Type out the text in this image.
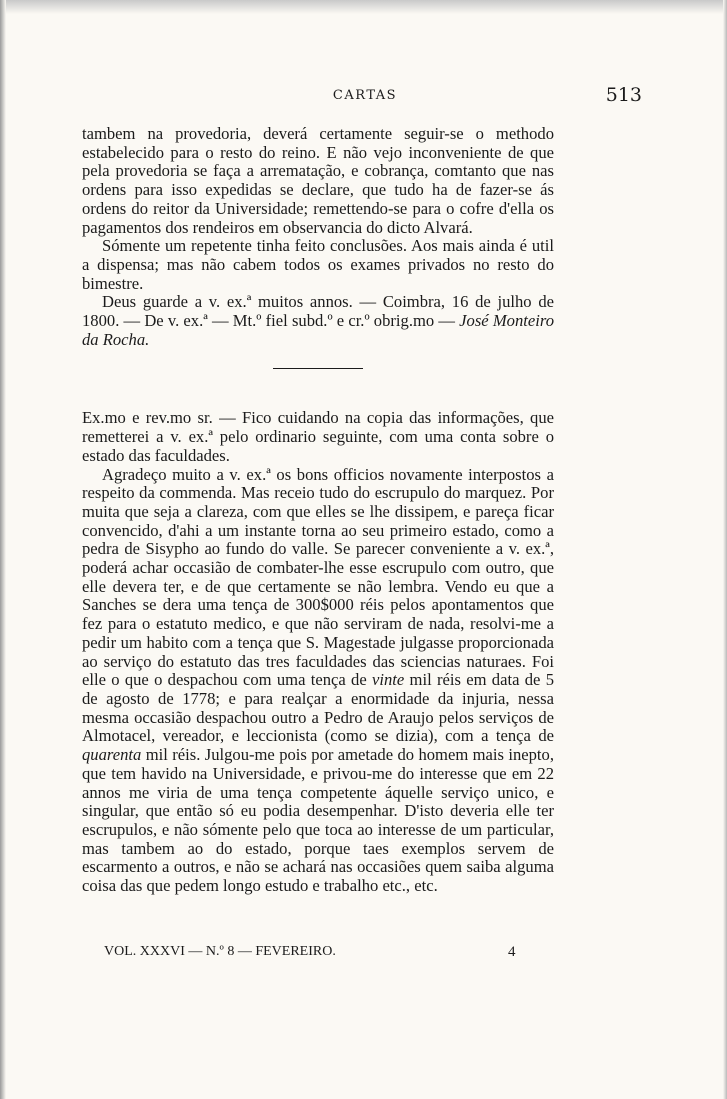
CARTAS	513

tambem na provedoria, deverá certamente seguir-se o methodo estabelecido para o resto do reino. E não vejo inconveniente de que pela provedoria se faça a arrematação, e cobrança, comtanto que nas ordens para isso expedidas se declare, que tudo ha de fazer-se ás ordens do reitor da Universidade; remettendo-se para o cofre d'ella os pagamentos dos rendeiros em observancia do dicto Alvará.

Sómente um repetente tinha feito conclusões. Aos mais ainda é util a dispensa; mas não cabem todos os exames privados no resto do bimestre.

Deus guarde a v. ex.ª muitos annos. — Coimbra, 16 de julho de 1800. — De v. ex.ª — Mt.º fiel subd.º e cr.º obrig.mo — José Monteiro da Rocha.

Ex.mo e rev.mo sr. — Fico cuidando na copia das informações, que remetterei a v. ex.ª pelo ordinario seguinte, com uma conta sobre o estado das faculdades.

Agradeço muito a v. ex.ª os bons officios novamente interpostos a respeito da commenda. Mas receio tudo do escrupulo do marquez. Por muita que seja a clareza, com que elles se lhe dissipem, e pareça ficar convencido, d'ahi a um instante torna ao seu primeiro estado, como a pedra de Sisypho ao fundo do valle. Se parecer conveniente a v. ex.ª, poderá achar occasião de combater-lhe esse escrupulo com outro, que elle devera ter, e de que certamente se não lembra. Vendo eu que a Sanches se dera uma tença de 300$000 réis pelos apontamentos que fez para o estatuto medico, e que não serviram de nada, resolvi-me a pedir um habito com a tença que S. Magestade julgasse proporcionada ao serviço do estatuto das tres faculdades das sciencias naturaes. Foi elle o que o despachou com uma tença de vinte mil réis em data de 5 de agosto de 1778; e para realçar a enormidade da injuria, nessa mesma occasião despachou outro a Pedro de Araujo pelos serviços de Almotacel, vereador, e leccionista (como se dizia), com a tença de quarenta mil réis. Julgou-me pois por ametade do homem mais inepto, que tem havido na Universidade, e privou-me do interesse que em 22 annos me viria de uma tença competente áquelle serviço unico, e singular, que então só eu podia desempenhar. D'isto deveria elle ter escrupulos, e não sómente pelo que toca ao interesse de um particular, mas tambem ao do estado, porque taes exemplos servem de escarmento a outros, e não se achará nas occasiões quem saiba alguma coisa das que pedem longo estudo e trabalho etc., etc.

VOL. XXXVI — N.º 8 — FEVEREIRO.	4
